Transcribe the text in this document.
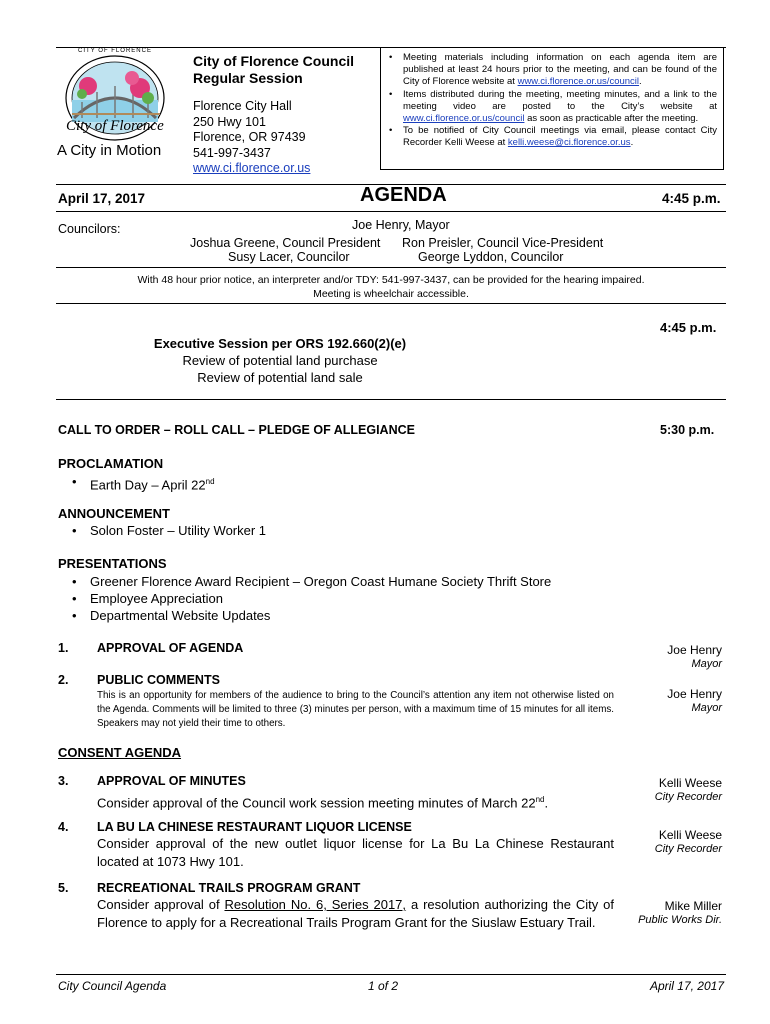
CITY OF FLORENCE
City of Florence
A City in Motion
City of Florence Council
Regular Session
Florence City Hall
250 Hwy 101
Florence, OR 97439
541-997-3437
www.ci.florence.or.us
• Meeting materials including information on each agenda item are published at least 24 hours prior to the meeting, and can be found of the City of Florence website at www.ci.florence.or.us/council.
• Items distributed during the meeting, meeting minutes, and a link to the meeting video are posted to the City’s website at www.ci.florence.or.us/council as soon as practicable after the meeting.
• To be notified of City Council meetings via email, please contact City Recorder Kelli Weese at kelli.weese@ci.florence.or.us.
April 17, 2017	AGENDA	4:45 p.m.
Councilors:	Joe Henry, Mayor
Joshua Greene, Council President Ron Preisler, Council Vice-President
Susy Lacer, Councilor	George Lyddon, Councilor
With 48 hour prior notice, an interpreter and/or TDY: 541-997-3437, can be provided for the hearing impaired.
Meeting is wheelchair accessible.
4:45 p.m.
Executive Session per ORS 192.660(2)(e)
Review of potential land purchase
Review of potential land sale
CALL TO ORDER – ROLL CALL – PLEDGE OF ALLEGIANCE	5:30 p.m.
PROCLAMATION
• Earth Day – April 22nd
ANNOUNCEMENT
• Solon Foster – Utility Worker 1
PRESENTATIONS
• Greener Florence Award Recipient – Oregon Coast Humane Society Thrift Store
• Employee Appreciation
• Departmental Website Updates
1. APPROVAL OF AGENDA	Joe Henry
Mayor
2. PUBLIC COMMENTS
This is an opportunity for members of the audience to bring to the Council’s attention any item not otherwise listed on the Agenda. Comments will be limited to three (3) minutes per person, with a maximum time of 15 minutes for all items. Speakers may not yield their time to others.
Joe Henry
Mayor
CONSENT AGENDA
3. APPROVAL OF MINUTES
Consider approval of the Council work session meeting minutes of March 22nd.
Kelli Weese
City Recorder
4. LA BU LA CHINESE RESTAURANT LIQUOR LICENSE
Consider approval of the new outlet liquor license for La Bu La Chinese Restaurant located at 1073 Hwy 101.
Kelli Weese
City Recorder
5. RECREATIONAL TRAILS PROGRAM GRANT
Consider approval of Resolution No. 6, Series 2017, a resolution authorizing the City of Florence to apply for a Recreational Trails Program Grant for the Siuslaw Estuary Trail.
Mike Miller
Public Works Dir.
City Council Agenda	1 of 2	April 17, 2017
